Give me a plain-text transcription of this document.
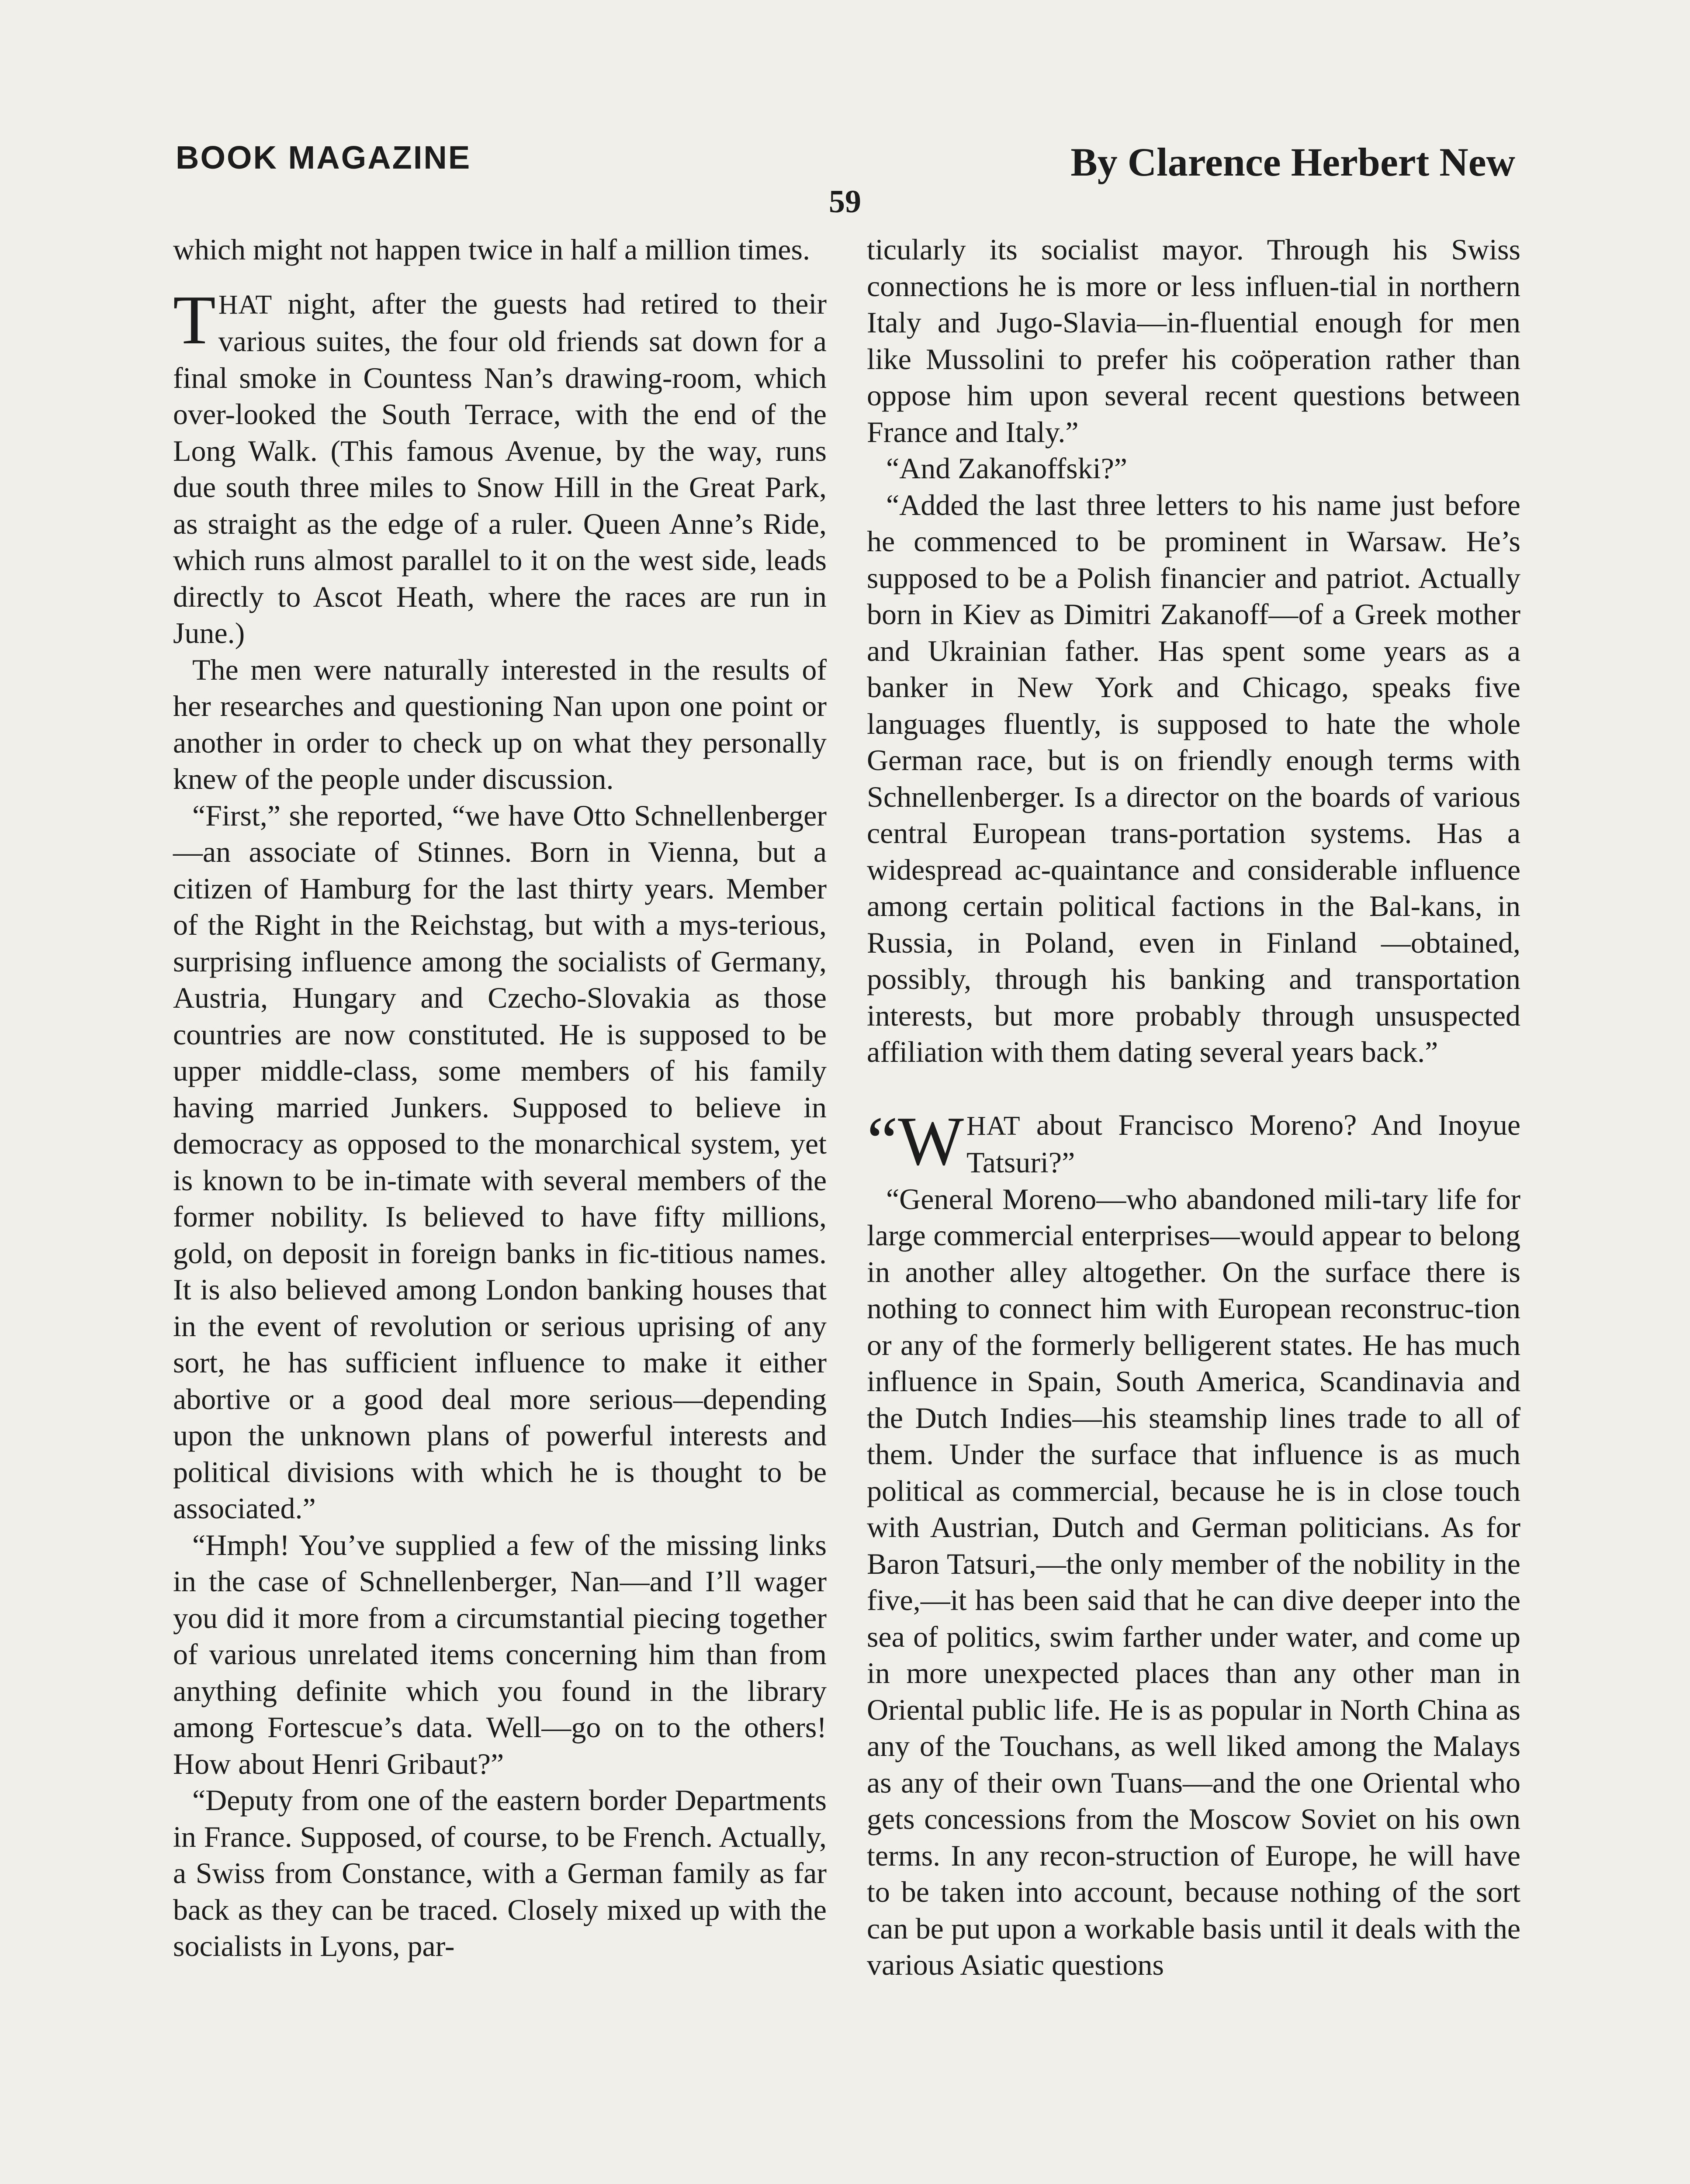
BOOK MAGAZINE	By Clarence Herbert New
59

which might not happen twice in half a million times.

THAT night, after the guests had retired to their various suites, the four old friends sat down for a final smoke in Countess Nan’s drawing-room, which over-looked the South Terrace, with the end of the Long Walk. (This famous Avenue, by the way, runs due south three miles to Snow Hill in the Great Park, as straight as the edge of a ruler. Queen Anne’s Ride, which runs almost parallel to it on the west side, leads directly to Ascot Heath, where the races are run in June.)

The men were naturally interested in the results of her researches and questioning Nan upon one point or another in order to check up on what they personally knew of the people under discussion.

“First,” she reported, “we have Otto Schnellenberger—an associate of Stinnes. Born in Vienna, but a citizen of Hamburg for the last thirty years. Member of the Right in the Reichstag, but with a mys-terious, surprising influence among the socialists of Germany, Austria, Hungary and Czecho-Slovakia as those countries are now constituted. He is supposed to be upper middle-class, some members of his family having married Junkers. Supposed to believe in democracy as opposed to the monarchical system, yet is known to be in-timate with several members of the former nobility. Is believed to have fifty millions, gold, on deposit in foreign banks in fic-titious names. It is also believed among London banking houses that in the event of revolution or serious uprising of any sort, he has sufficient influence to make it either abortive or a good deal more serious—depending upon the unknown plans of powerful interests and political divisions with which he is thought to be associated.”

“Hmph! You’ve supplied a few of the missing links in the case of Schnellenberger, Nan—and I’ll wager you did it more from a circumstantial piecing together of various unrelated items concerning him than from anything definite which you found in the library among Fortescue’s data. Well—go on to the others! How about Henri Gribaut?”

“Deputy from one of the eastern border Departments in France. Supposed, of course, to be French. Actually, a Swiss from Constance, with a German family as far back as they can be traced. Closely mixed up with the socialists in Lyons, par-

ticularly its socialist mayor. Through his Swiss connections he is more or less influen-tial in northern Italy and Jugo-Slavia—in-fluential enough for men like Mussolini to prefer his coöperation rather than oppose him upon several recent questions between France and Italy.”

“And Zakanoffski?”

“Added the last three letters to his name just before he commenced to be prominent in Warsaw. He’s supposed to be a Polish financier and patriot. Actually born in Kiev as Dimitri Zakanoff—of a Greek mother and Ukrainian father. Has spent some years as a banker in New York and Chicago, speaks five languages fluently, is supposed to hate the whole German race, but is on friendly enough terms with Schnellenberger. Is a director on the boards of various central European trans-portation systems. Has a widespread ac-quaintance and considerable influence among certain political factions in the Bal-kans, in Russia, in Poland, even in Finland —obtained, possibly, through his banking and transportation interests, but more probably through unsuspected affiliation with them dating several years back.”

“W HAT about Francisco Moreno? And Inoyue Tatsuri?”

“General Moreno—who abandoned mili-tary life for large commercial enterprises—would appear to belong in another alley altogether. On the surface there is nothing to connect him with European reconstruc-tion or any of the formerly belligerent states. He has much influence in Spain, South America, Scandinavia and the Dutch Indies—his steamship lines trade to all of them. Under the surface that influence is as much political as commercial, because he is in close touch with Austrian, Dutch and German politicians. As for Baron Tatsuri,—the only member of the nobility in the five,—it has been said that he can dive deeper into the sea of politics, swim farther under water, and come up in more unexpected places than any other man in Oriental public life. He is as popular in North China as any of the Touchans, as well liked among the Malays as any of their own Tuans—and the one Oriental who gets concessions from the Moscow Soviet on his own terms. In any recon-struction of Europe, he will have to be taken into account, because nothing of the sort can be put upon a workable basis until it deals with the various Asiatic questions
